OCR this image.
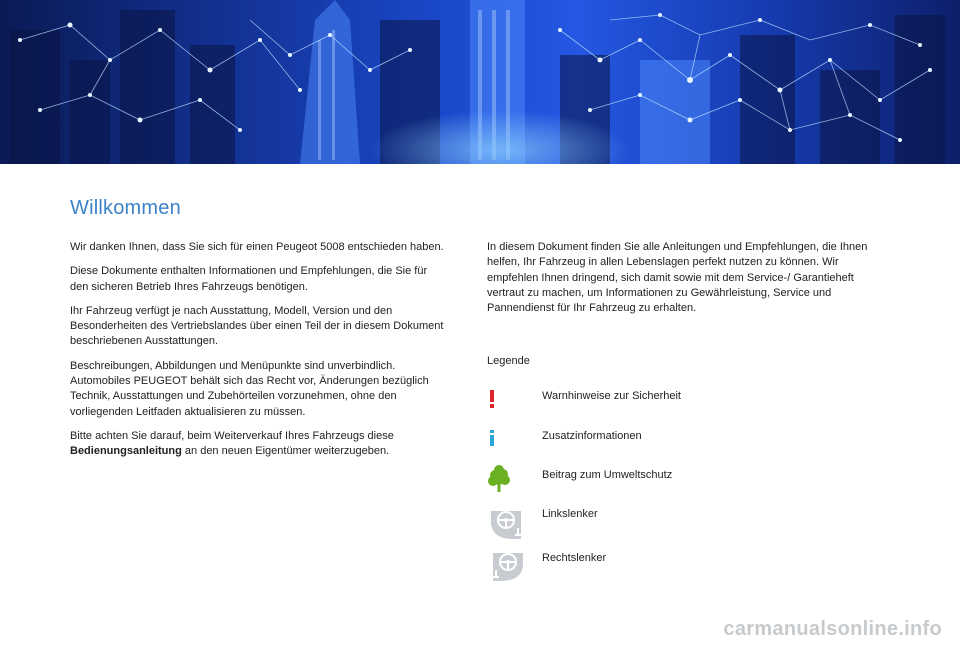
Willkommen

Wir danken Ihnen, dass Sie sich für einen Peugeot 5008 entschieden haben.

Diese Dokumente enthalten Informationen und Empfehlungen, die Sie für den sicheren Betrieb Ihres Fahrzeugs benötigen.

Ihr Fahrzeug verfügt je nach Ausstattung, Modell, Version und den Besonderheiten des Vertriebslandes über einen Teil der in diesem Dokument beschriebenen Ausstattungen.

Beschreibungen, Abbildungen und Menüpunkte sind unverbindlich. Automobiles PEUGEOT behält sich das Recht vor, Änderungen bezüglich Technik, Ausstattungen und Zubehörteilen vorzunehmen, ohne den vorliegenden Leitfaden aktualisieren zu müssen.

Bitte achten Sie darauf, beim Weiterverkauf Ihres Fahrzeugs diese Bedienungsanleitung an den neuen Eigentümer weiterzugeben.

In diesem Dokument finden Sie alle Anleitungen und Empfehlungen, die Ihnen helfen, Ihr Fahrzeug in allen Lebenslagen perfekt nutzen zu können. Wir empfehlen Ihnen dringend, sich damit sowie mit dem Service-/ Garantieheft vertraut zu machen, um Informationen zu Gewährleistung, Service und Pannendienst für Ihr Fahrzeug zu erhalten.

Legende

Warnhinweise zur Sicherheit
Zusatzinformationen
Beitrag zum Umweltschutz
Linkslenker
Rechtslenker
carmanualsonline.info
